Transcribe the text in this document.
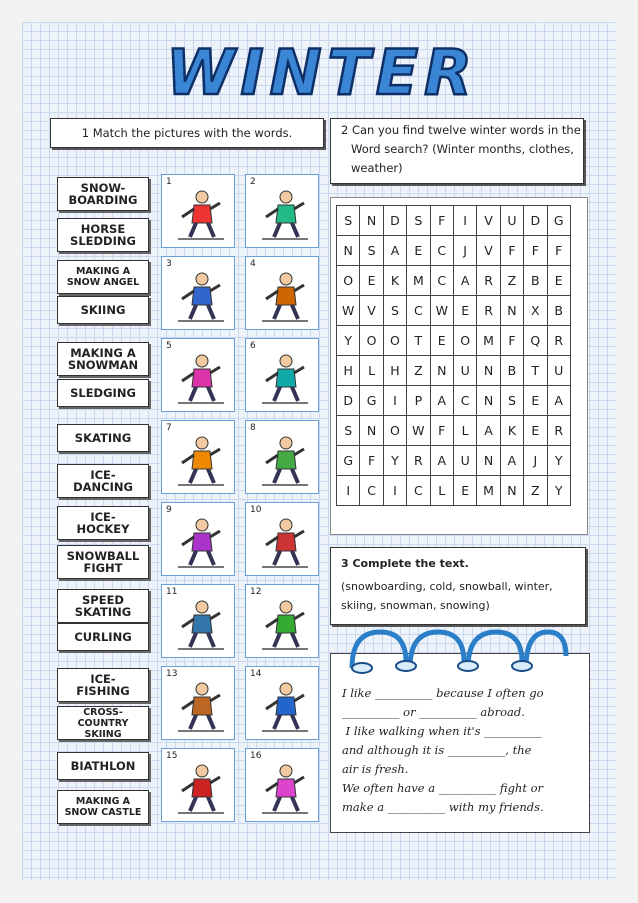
WINTER
1 Match the pictures with the words.	2 Can you find twelve winter words in the
Word search? (Winter months, clothes,
weather)
S	N	D	S	F	I	V	U	D	G
N	S	A	E	C	J	V	F	F	F
O	E	K	M	C	A	R	Z	B	E
W	V	S	C	W	E	R	N	X	B
Y	O	O	T	E	O	M	F	Q	R
H	L	H	Z	N	U	N	B	T	U
D	G	I	P	A	C	N	S	E	A
S	N	O	W	F	L	A	K	E	R
G	F	Y	R	A	U	N	A	J	Y
I	C	I	C	L	E	M	N	Z	Y
3 Complete the text.
(snowboarding, cold, snowball, winter,
skiing, snowman, snowing)
I like __________ because I often go
__________ or __________ abroad.
I like walking when it's __________
and although it is __________, the
air is fresh.
We often have a __________ fight or
make a __________ with my friends.
SNOW-
BOARDING
HORSE
SLEDDING
MAKING A
SNOW ANGEL
SKIING
MAKING A
SNOWMAN
SLEDGING
SKATING
ICE-
DANCING
ICE-
HOCKEY
SNOWBALL
FIGHT
SPEED
SKATING
CURLING
ICE-
FISHING
CROSS-COUNTRY
SKIING
BIATHLON
MAKING A
SNOW CASTLE
1	2
3	4
5	6
7	8
9	10
11	12
13	14
15	16
